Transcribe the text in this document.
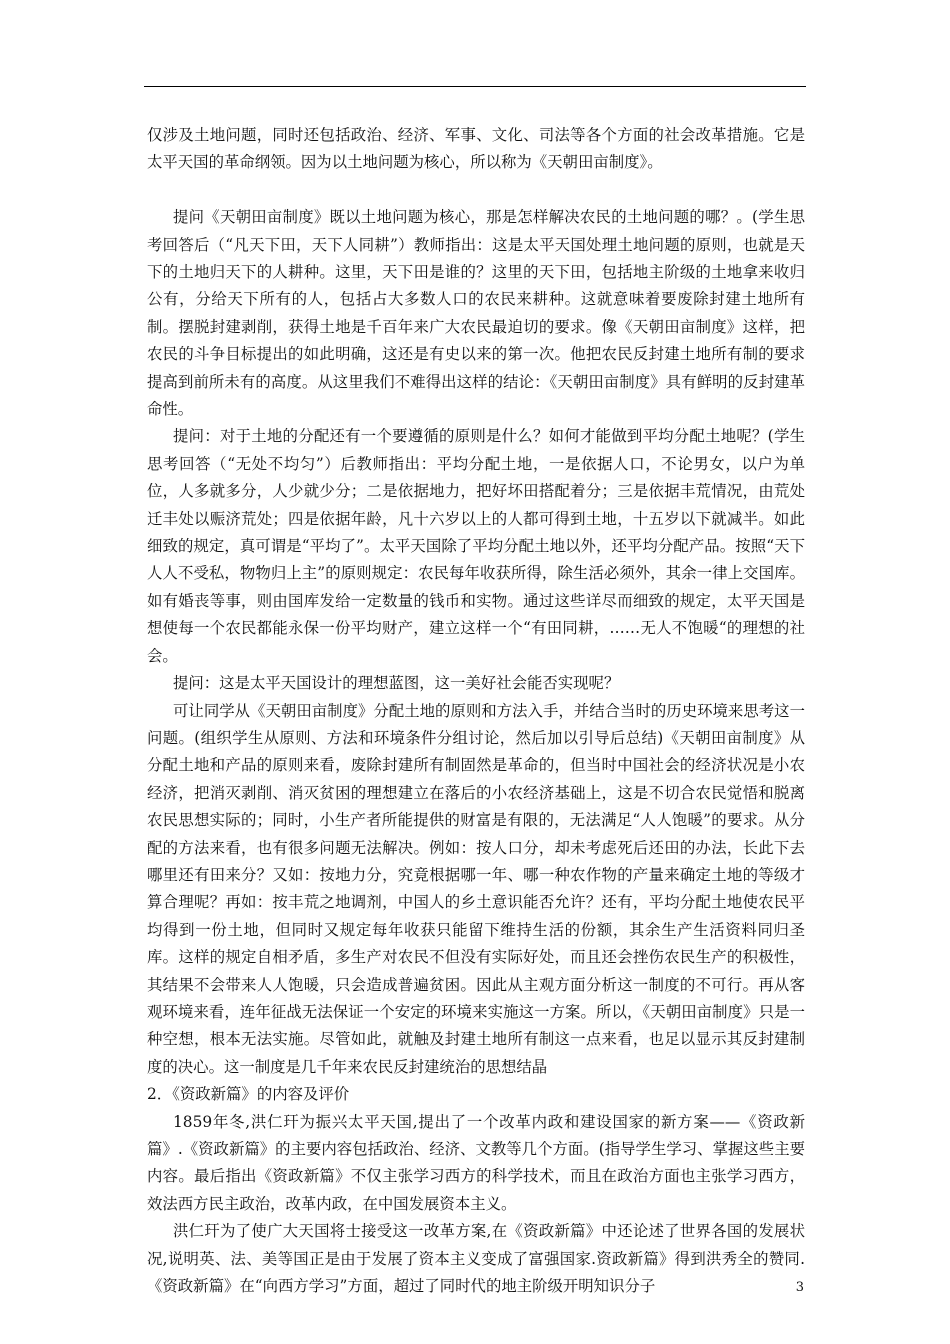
仅涉及土地问题，同时还包括政治、经济、军事、文化、司法等各个方面的社会改革措施。它是太平天国的革命纲领。因为以土地问题为核心，所以称为《天朝田亩制度》。

提问《天朝田亩制度》既以土地问题为核心，那是怎样解决农民的土地问题的哪？。(学生思考回答后（“凡天下田，天下人同耕”）教师指出：这是太平天国处理土地问题的原则，也就是天下的土地归天下的人耕种。这里，天下田是谁的？这里的天下田，包括地主阶级的土地拿来收归公有，分给天下所有的人，包括占大多数人口的农民来耕种。这就意味着要废除封建土地所有制。摆脱封建剥削，获得土地是千百年来广大农民最迫切的要求。像《天朝田亩制度》这样，把农民的斗争目标提出的如此明确，这还是有史以来的第一次。他把农民反封建土地所有制的要求提高到前所未有的高度。从这里我们不难得出这样的结论：《天朝田亩制度》具有鲜明的反封建革命性。

提问：对于土地的分配还有一个要遵循的原则是什么？如何才能做到平均分配土地呢？(学生思考回答（“无处不均匀”）后教师指出：平均分配土地，一是依据人口，不论男女，以户为单位，人多就多分，人少就少分；二是依据地力，把好坏田搭配着分；三是依据丰荒情况，由荒处迁丰处以赈济荒处；四是依据年龄，凡十六岁以上的人都可得到土地，十五岁以下就减半。如此细致的规定，真可谓是“平均了”。太平天国除了平均分配土地以外，还平均分配产品。按照“天下人人不受私，物物归上主”的原则规定：农民每年收获所得，除生活必须外，其余一律上交国库。如有婚丧等事，则由国库发给一定数量的钱币和实物。通过这些详尽而细致的规定，太平天国是想使每一个农民都能永保一份平均财产，建立这样一个“有田同耕，……无人不饱暖“的理想的社会。

提问：这是太平天国设计的理想蓝图，这一美好社会能否实现呢？

可让同学从《天朝田亩制度》分配土地的原则和方法入手，并结合当时的历史环境来思考这一问题。(组织学生从原则、方法和环境条件分组讨论，然后加以引导后总结)《天朝田亩制度》从分配土地和产品的原则来看，废除封建所有制固然是革命的，但当时中国社会的经济状况是小农经济，把消灭剥削、消灭贫困的理想建立在落后的小农经济基础上，这是不切合农民觉悟和脱离农民思想实际的；同时，小生产者所能提供的财富是有限的，无法满足“人人饱暖”的要求。从分配的方法来看，也有很多问题无法解决。例如：按人口分，却未考虑死后还田的办法，长此下去哪里还有田来分？又如：按地力分，究竟根据哪一年、哪一种农作物的产量来确定土地的等级才算合理呢？再如：按丰荒之地调剂，中国人的乡土意识能否允许？还有，平均分配土地使农民平均得到一份土地，但同时又规定每年收获只能留下维持生活的份额，其余生产生活资料同归圣库。这样的规定自相矛盾，多生产对农民不但没有实际好处，而且还会挫伤农民生产的积极性，其结果不会带来人人饱暖，只会造成普遍贫困。因此从主观方面分析这一制度的不可行。再从客观环境来看，连年征战无法保证一个安定的环境来实施这一方案。所以，《天朝田亩制度》只是一种空想，根本无法实施。尽管如此，就触及封建土地所有制这一点来看，也足以显示其反封建制度的决心。这一制度是几千年来农民反封建统治的思想结晶

2．《资政新篇》的内容及评价

1859年冬,洪仁玕为振兴太平天国,提出了一个改革内政和建设国家的新方案——《资政新篇》.《资政新篇》的主要内容包括政治、经济、文教等几个方面。(指导学生学习、掌握这些主要内容。最后指出《资政新篇》不仅主张学习西方的科学技术，而且在政治方面也主张学习西方，效法西方民主政治，改革内政，在中国发展资本主义。

洪仁玕为了使广大天国将士接受这一改革方案,在《资政新篇》中还论述了世界各国的发展状况,说明英、法、美等国正是由于发展了资本主义变成了富强国家.资政新篇》得到洪秀全的赞同.《资政新篇》在“向西方学习”方面，超过了同时代的地主阶级开明知识分子	3
